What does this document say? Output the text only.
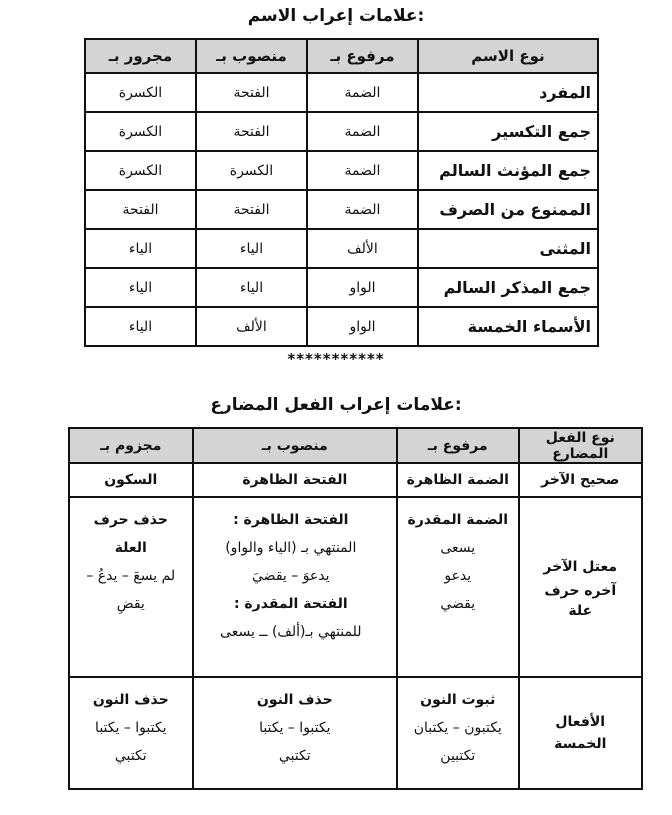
علامات إعراب الاسم:
نوع الاسم	مرفوع بـ	منصوب بـ	مجرور بـ
المفرد	الضمة	الفتحة	الكسرة
جمع التكسير	الضمة	الفتحة	الكسرة
جمع المؤنث السالم	الضمة	الكسرة	الكسرة
الممنوع من الصرف	الضمة	الفتحة	الفتحة
المثنى	الألف	الياء	الياء
جمع المذكر السالم	الواو	الياء	الياء
الأسماء الخمسة	الواو	الألف	الياء
***********
علامات إعراب الفعل المضارع:
نوع الفعل المضارع	مرفوع بـ	منصوب بـ	مجزوم بـ
صحيح الآخر	الضمة الظاهرة	الفتحة الظاهرة	السكون

معتل الآخر
آخره حرف
علة	الضمة المقدرة
يسعى
يدعو
يقضي	الفتحة الظاهرة :
المنتهي بـ (الياء والواو)
يدعوَ – يقضيَ
الفتحة المقدرة :
للمنتهي بـ(ألف) ــ يسعى	حذف حرف
العلة
لم يسعَ – يدعُ –
يقضِ

الأفعال
الخمسة	ثبوت النون
يكتبون – يكتبان
تكتبين	حذف النون
يكتبوا – يكتبا
تكتبي	حذف النون
يكتبوا – يكتبا
تكتبي
